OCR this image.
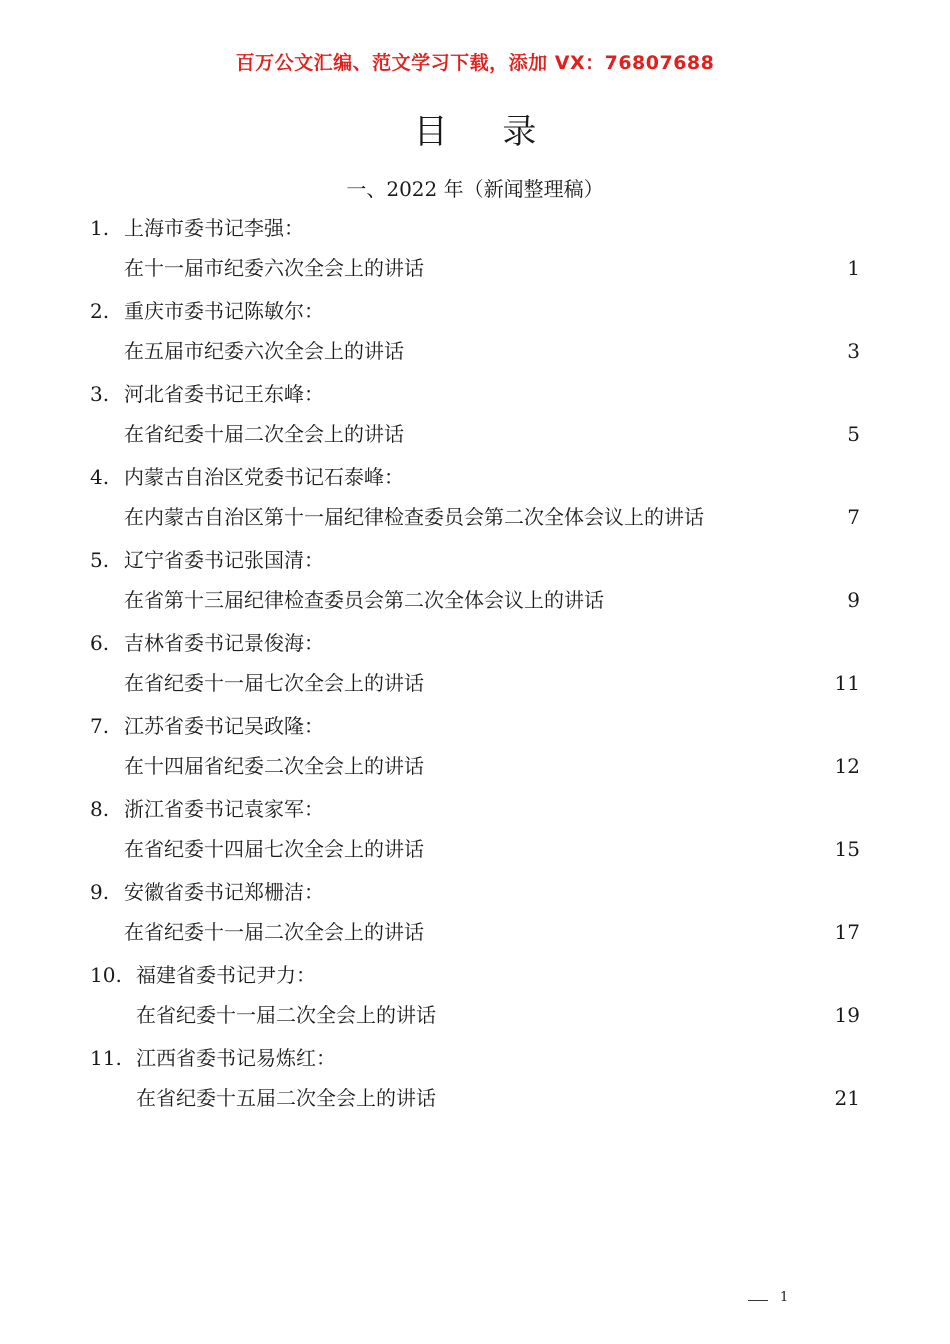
百万公文汇编、范文学习下载，添加 VX：76807688
目 录
一、2022 年（新闻整理稿）
1. 上海市委书记李强：
在十一届市纪委六次全会上的讲话	1
2. 重庆市委书记陈敏尔：
在五届市纪委六次全会上的讲话	3
3. 河北省委书记王东峰：
在省纪委十届二次全会上的讲话	5
4. 内蒙古自治区党委书记石泰峰：
在内蒙古自治区第十一届纪律检查委员会第二次全体会议上的讲话	7
5. 辽宁省委书记张国清：
在省第十三届纪律检查委员会第二次全体会议上的讲话	9
6. 吉林省委书记景俊海：
在省纪委十一届七次全会上的讲话	11
7. 江苏省委书记吴政隆：
在十四届省纪委二次全会上的讲话	12
8. 浙江省委书记袁家军：
在省纪委十四届七次全会上的讲话	15
9. 安徽省委书记郑栅洁：
在省纪委十一届二次全会上的讲话	17
10. 福建省委书记尹力：
在省纪委十一届二次全会上的讲话	19
11. 江西省委书记易炼红：
在省纪委十五届二次全会上的讲话	21
1
